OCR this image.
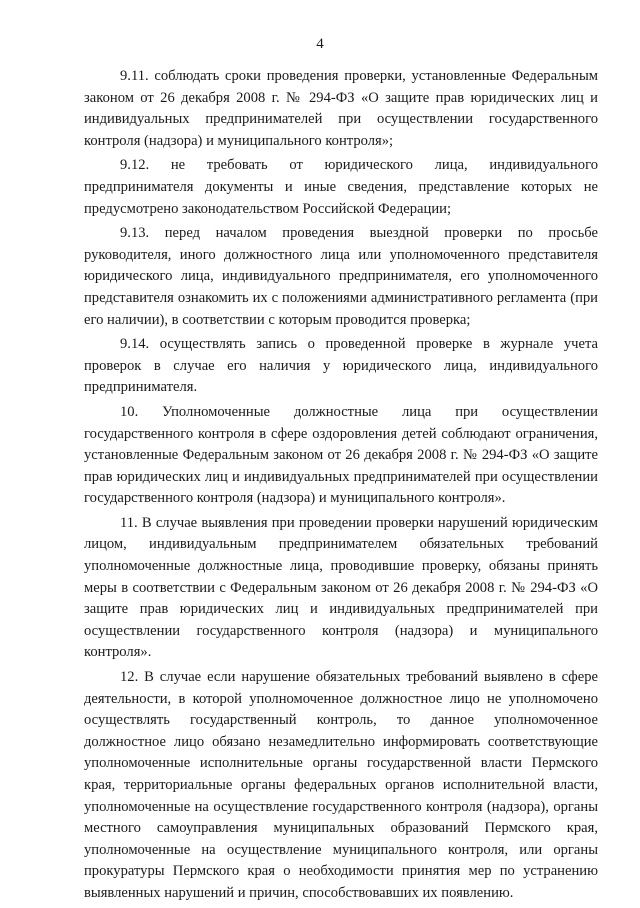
4

9.11. соблюдать сроки проведения проверки, установленные Федеральным законом от 26 декабря 2008 г. № 294-ФЗ «О защите прав юридических лиц и индивидуальных предпринимателей при осуществлении государственного контроля (надзора) и муниципального контроля»;

9.12. не требовать от юридического лица, индивидуального предпринимателя документы и иные сведения, представление которых не предусмотрено законодательством Российской Федерации;

9.13. перед началом проведения выездной проверки по просьбе руководителя, иного должностного лица или уполномоченного представителя юридического лица, индивидуального предпринимателя, его уполномоченного представителя ознакомить их с положениями административного регламента (при его наличии), в соответствии с которым проводится проверка;

9.14. осуществлять запись о проведенной проверке в журнале учета проверок в случае его наличия у юридического лица, индивидуального предпринимателя.

10. Уполномоченные должностные лица при осуществлении государственного контроля в сфере оздоровления детей соблюдают ограничения, установленные Федеральным законом от 26 декабря 2008 г. № 294-ФЗ «О защите прав юридических лиц и индивидуальных предпринимателей при осуществлении государственного контроля (надзора) и муниципального контроля».

11. В случае выявления при проведении проверки нарушений юридическим лицом, индивидуальным предпринимателем обязательных требований уполномоченные должностные лица, проводившие проверку, обязаны принять меры в соответствии с Федеральным законом от 26 декабря 2008 г. № 294-ФЗ «О защите прав юридических лиц и индивидуальных предпринимателей при осуществлении государственного контроля (надзора) и муниципального контроля».

12. В случае если нарушение обязательных требований выявлено в сфере деятельности, в которой уполномоченное должностное лицо не уполномочено осуществлять государственный контроль, то данное уполномоченное должностное лицо обязано незамедлительно информировать соответствующие уполномоченные исполнительные органы государственной власти Пермского края, территориальные органы федеральных органов исполнительной власти, уполномоченные на осуществление государственного контроля (надзора), органы местного самоуправления муниципальных образований Пермского края, уполномоченные на осуществление муниципального контроля, или органы прокуратуры Пермского края о необходимости принятия мер по устранению выявленных нарушений и причин, способствовавших их появлению.
